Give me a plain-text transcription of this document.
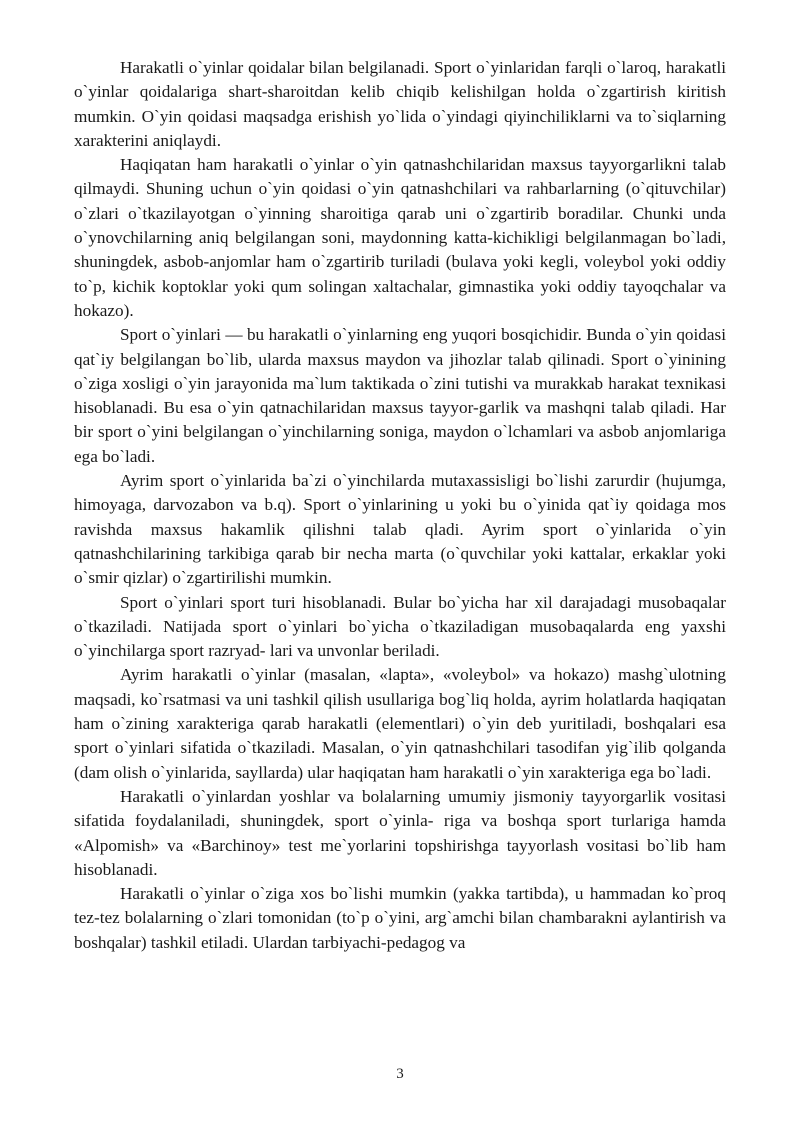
Harakatli o`yinlar qoidalar bilan belgilanadi. Sport o`yinlaridan farqli o`laroq, harakatli o`yinlar qoidalariga shart-sharoitdan kelib chiqib kelishilgan holda o`zgartirish kiritish mumkin. O`yin qoidasi maqsadga erishish yo`lida o`yindagi qiyinchiliklarni va to`siqlarning xarakterini aniqlaydi.

Haqiqatan ham harakatli o`yinlar o`yin qatnashchilaridan maxsus tayyorgarlikni talab qilmaydi. Shuning uchun o`yin qoidasi o`yin qatnashchilari va rahbarlarning (o`qituvchilar) o`zlari o`tkazilayotgan o`yinning sharoitiga qarab uni o`zgartirib boradilar. Chunki unda o`ynovchilarning aniq belgilangan soni, maydonning katta-kichikligi belgilanmagan bo`ladi, shuningdek, asbob-anjomlar ham o`zgartirib turiladi (bulava yoki kegli, voleybol yoki oddiy to`p, kichik koptoklar yoki qum solingan xaltachalar, gimnastika yoki oddiy tayoqchalar va hokazo).

Sport o`yinlari — bu harakatli o`yinlarning eng yuqori bosqichidir. Bunda o`yin qoidasi qat`iy belgilangan bo`lib, ularda maxsus maydon va jihozlar talab qilinadi. Sport o`yinining o`ziga xosligi o`yin jarayonida ma`lum taktikada o`zini tutishi va murakkab harakat texnikasi hisoblanadi. Bu esa o`yin qatnachilaridan maxsus tayyor-garlik va mashqni talab qiladi. Har bir sport o`yini belgilangan o`yinchilarning soniga, maydon o`lchamlari va asbob anjomlariga ega bo`ladi.

Ayrim sport o`yinlarida ba`zi o`yinchilarda mutaxassisligi bo`lishi zarurdir (hujumga, himoyaga, darvozabon va b.q). Sport o`yinlarining u yoki bu o`yinida qat`iy qoidaga mos ravishda maxsus hakamlik qilishni talab qladi. Ayrim sport o`yinlarida o`yin qatnashchilarining tarkibiga qarab bir necha marta (o`quvchilar yoki kattalar, erkaklar yoki o`smir qizlar) o`zgartirilishi mumkin.

Sport o`yinlari sport turi hisoblanadi. Bular bo`yicha har xil darajadagi musobaqalar o`tkaziladi. Natijada sport o`yinlari bo`yicha o`tkaziladigan musobaqalarda eng yaxshi o`yinchilarga sport razryad- lari va unvonlar beriladi.

Ayrim harakatli o`yinlar (masalan, «lapta», «voleybol» va hokazo) mashg`ulotning maqsadi, ko`rsatmasi va uni tashkil qilish usullariga bog`liq holda, ayrim holatlarda haqiqatan ham o`zining xarakteriga qarab harakatli (elementlari) o`yin deb yuritiladi, boshqalari esa sport o`yinlari sifatida o`tkaziladi. Masalan, o`yin qatnashchilari tasodifan yig`ilib qolganda (dam olish o`yinlarida, sayllarda) ular haqiqatan ham harakatli o`yin xarakteriga ega bo`ladi.

Harakatli o`yinlardan yoshlar va bolalarning umumiy jismoniy tayyorgarlik vositasi sifatida foydalaniladi, shuningdek, sport o`yinla- riga va boshqa sport turlariga hamda «Alpomish» va «Barchinoy» test me`yorlarini topshirishga tayyorlash vositasi bo`lib ham hisoblanadi.

Harakatli o`yinlar o`ziga xos bo`lishi mumkin (yakka tartibda), u hammadan ko`proq tez-tez bolalarning o`zlari tomonidan (to`p o`yini, arg`amchi bilan chambarakni aylantirish va boshqalar) tashkil etiladi. Ulardan tarbiyachi-pedagog va

3
